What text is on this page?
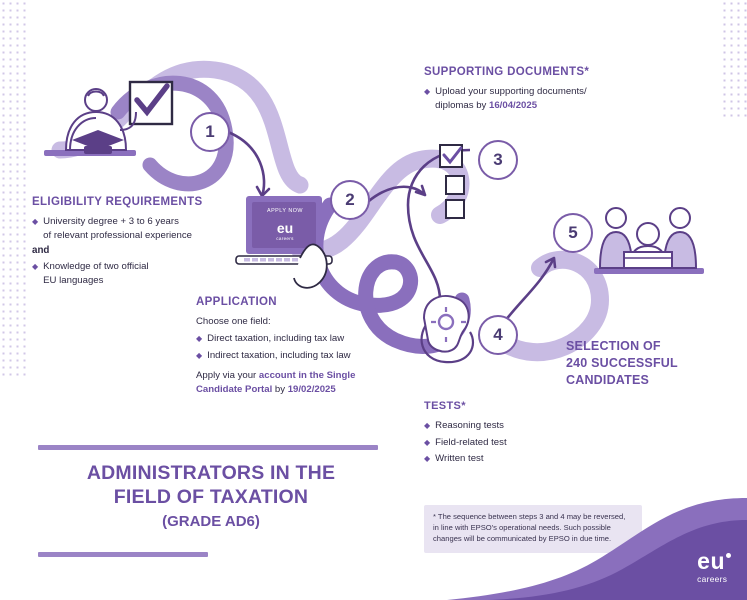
APPLY NOW
eu
careers
1
2
3
4
5
ELIGIBILITY REQUIREMENTS
◆ University degree + 3 to 6 years
of relevant professional experience
and
◆ Knowledge of two official
EU languages
APPLICATION
Choose one field:
◆ Direct taxation, including tax law
◆ Indirect taxation, including tax law
Apply via your account in the Single
Candidate Portal by 19/02/2025
SUPPORTING DOCUMENTS*
◆ Upload your supporting documents/
diplomas by 16/04/2025
TESTS*
◆ Reasoning tests
◆ Field-related test
◆ Written test
SELECTION OF
240 SUCCESSFUL
CANDIDATES
* The sequence between steps 3 and 4 may be reversed, in line with EPSO's operational needs. Such possible changes will be communicated by EPSO in due time.
ADMINISTRATORS IN THE
FIELD OF TAXATION
(GRADE AD6)
eu
careers
